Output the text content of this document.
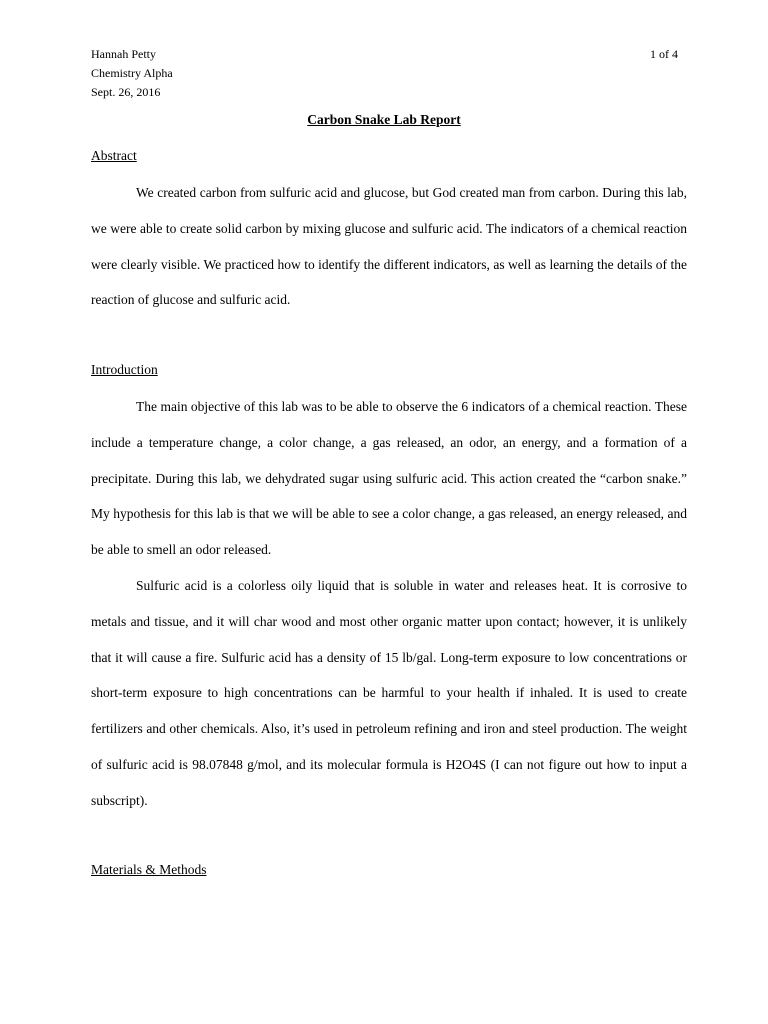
Hannah Petty
Chemistry Alpha
Sept. 26, 2016
1 of 4
Carbon Snake Lab Report
Abstract

We created carbon from sulfuric acid and glucose, but God created man from carbon. During this lab, we were able to create solid carbon by mixing glucose and sulfuric acid. The indicators of a chemical reaction were clearly visible. We practiced how to identify the different indicators, as well as learning the details of the reaction of glucose and sulfuric acid.

Introduction

The main objective of this lab was to be able to observe the 6 indicators of a chemical reaction. These include a temperature change, a color change, a gas released, an odor, an energy, and a formation of a precipitate. During this lab, we dehydrated sugar using sulfuric acid. This action created the “carbon snake.” My hypothesis for this lab is that we will be able to see a color change, a gas released, an energy released, and be able to smell an odor released.

Sulfuric acid is a colorless oily liquid that is soluble in water and releases heat. It is corrosive to metals and tissue, and it will char wood and most other organic matter upon contact; however, it is unlikely that it will cause a fire. Sulfuric acid has a density of 15 lb/gal. Long-term exposure to low concentrations or short-term exposure to high concentrations can be harmful to your health if inhaled. It is used to create fertilizers and other chemicals. Also, it’s used in petroleum refining and iron and steel production. The weight of sulfuric acid is 98.07848 g/mol, and its molecular formula is H2O4S (I can not figure out how to input a subscript).

Materials & Methods
